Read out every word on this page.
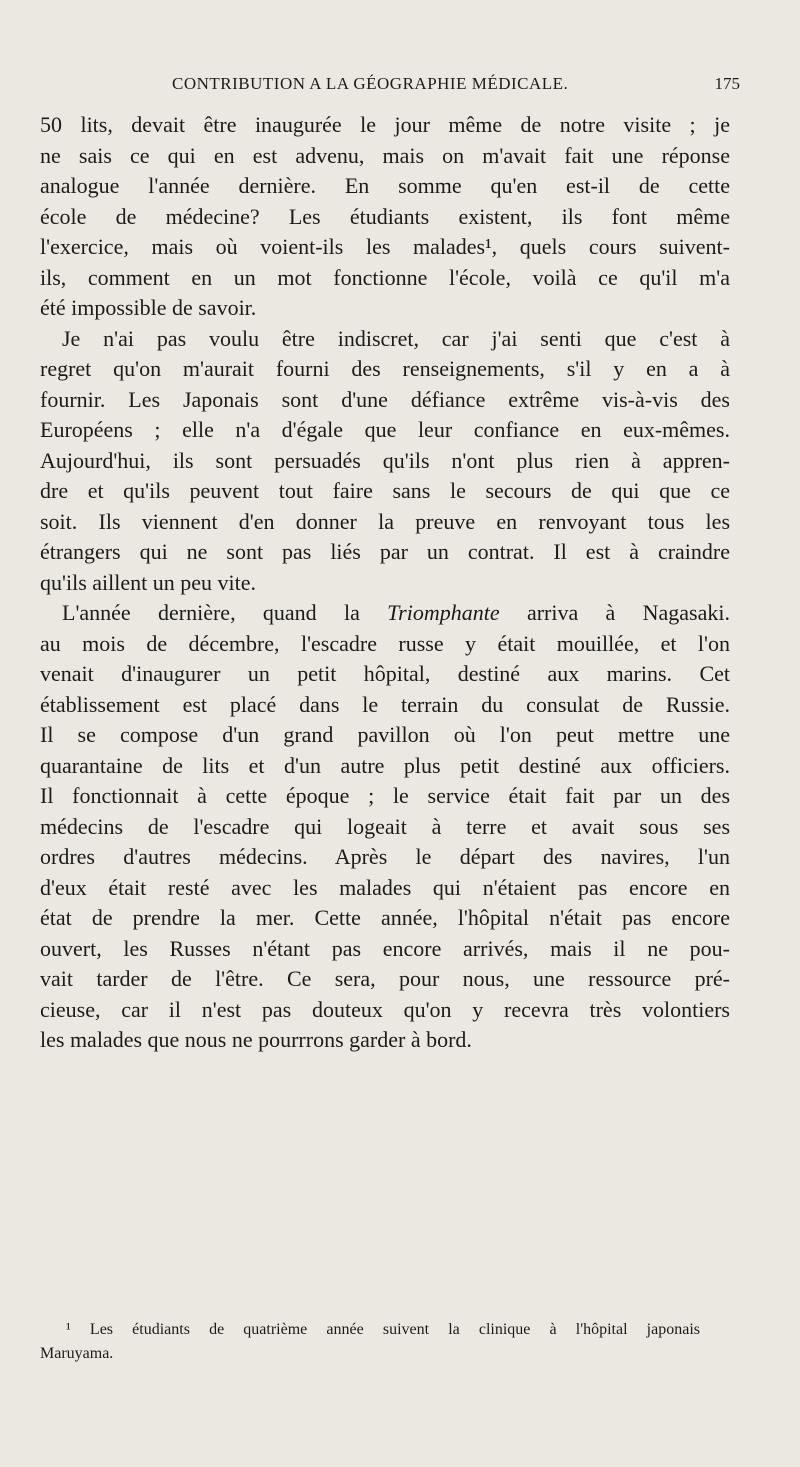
CONTRIBUTION A LA GÉOGRAPHIE MÉDICALE.	175
50 lits, devait être inaugurée le jour même de notre visite ; je
ne sais ce qui en est advenu, mais on m'avait fait une réponse
analogue l'année dernière. En somme qu'en est-il de cette
école de médecine? Les étudiants existent, ils font même
l'exercice, mais où voient-ils les malades¹, quels cours suivent-
ils, comment en un mot fonctionne l'école, voilà ce qu'il m'a
été impossible de savoir.
Je n'ai pas voulu être indiscret, car j'ai senti que c'est à
regret qu'on m'aurait fourni des renseignements, s'il y en a à
fournir. Les Japonais sont d'une défiance extrême vis-à-vis des
Européens ; elle n'a d'égale que leur confiance en eux-mêmes.
Aujourd'hui, ils sont persuadés qu'ils n'ont plus rien à appren-
dre et qu'ils peuvent tout faire sans le secours de qui que ce
soit. Ils viennent d'en donner la preuve en renvoyant tous les
étrangers qui ne sont pas liés par un contrat. Il est à craindre
qu'ils aillent un peu vite.
L'année dernière, quand la Triomphante arriva à Nagasaki.
au mois de décembre, l'escadre russe y était mouillée, et l'on
venait d'inaugurer un petit hôpital, destiné aux marins. Cet
établissement est placé dans le terrain du consulat de Russie.
Il se compose d'un grand pavillon où l'on peut mettre une
quarantaine de lits et d'un autre plus petit destiné aux officiers.
Il fonctionnait à cette époque ; le service était fait par un des
médecins de l'escadre qui logeait à terre et avait sous ses
ordres d'autres médecins. Après le départ des navires, l'un
d'eux était resté avec les malades qui n'étaient pas encore en
état de prendre la mer. Cette année, l'hôpital n'était pas encore
ouvert, les Russes n'étant pas encore arrivés, mais il ne pou-
vait tarder de l'être. Ce sera, pour nous, une ressource pré-
cieuse, car il n'est pas douteux qu'on y recevra très volontiers
les malades que nous ne pourrrons garder à bord.
¹ Les étudiants de quatrième année suivent la clinique à l'hôpital japonais
Maruyama.
